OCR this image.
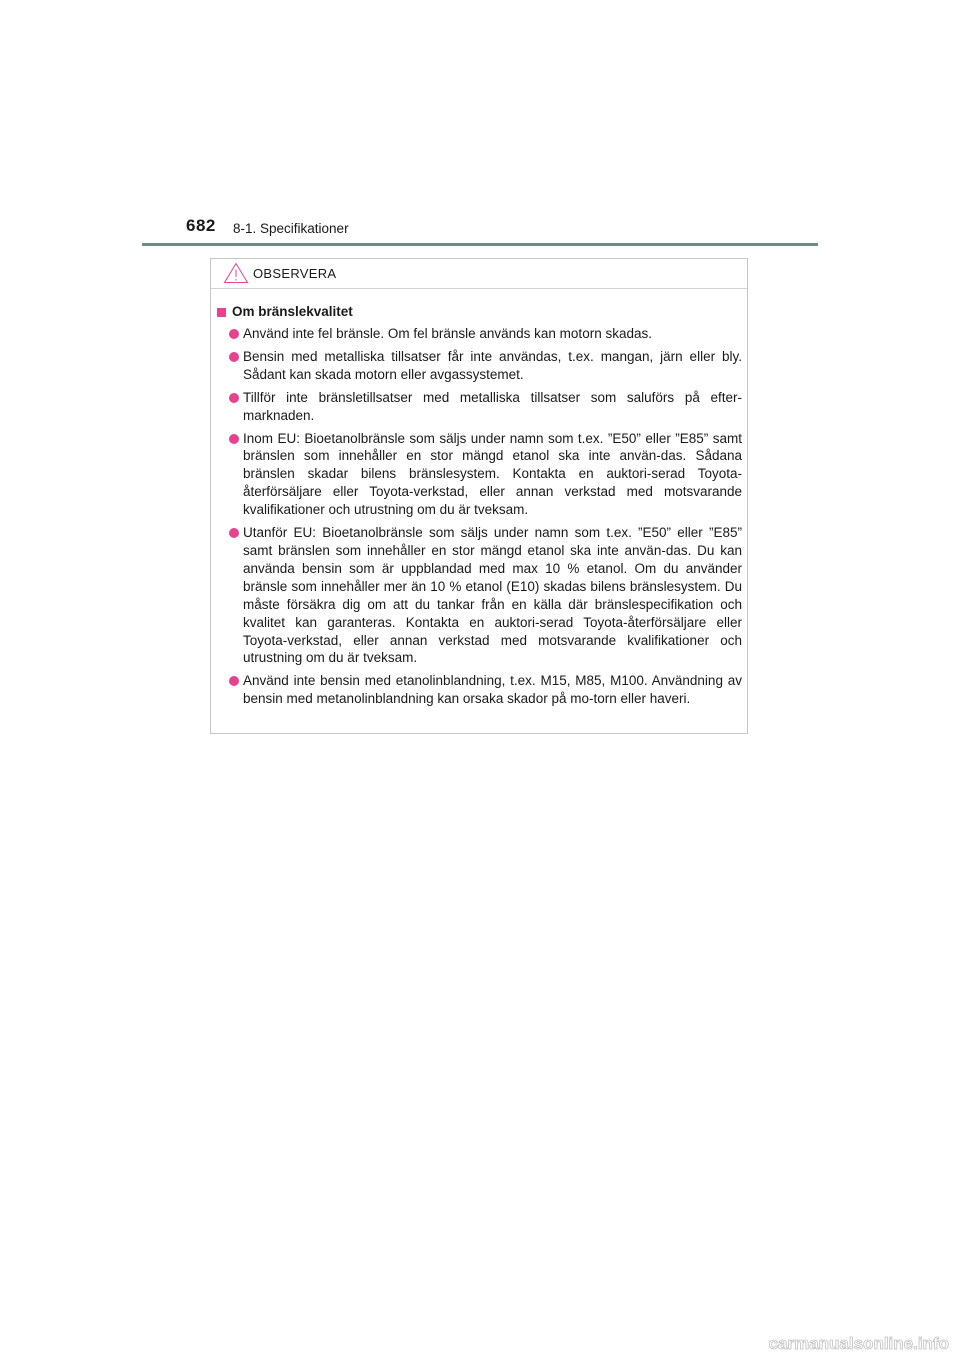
682 8-1. Specifikationer
OBSERVERA
Om bränslekvalitet
Använd inte fel bränsle. Om fel bränsle används kan motorn skadas.
Bensin med metalliska tillsatser får inte användas, t.ex. mangan, järn eller bly. Sådant kan skada motorn eller avgassystemet.
Tillför inte bränsletillsatser med metalliska tillsatser som saluförs på efter-marknaden.
Inom EU: Bioetanolbränsle som säljs under namn som t.ex. ”E50” eller ”E85” samt bränslen som innehåller en stor mängd etanol ska inte använ-das. Sådana bränslen skadar bilens bränslesystem. Kontakta en auktori-serad Toyota-återförsäljare eller Toyota-verkstad, eller annan verkstad med motsvarande kvalifikationer och utrustning om du är tveksam.
Utanför EU: Bioetanolbränsle som säljs under namn som t.ex. ”E50” eller ”E85” samt bränslen som innehåller en stor mängd etanol ska inte använ-das. Du kan använda bensin som är uppblandad med max 10 % etanol. Om du använder bränsle som innehåller mer än 10 % etanol (E10) skadas bilens bränslesystem. Du måste försäkra dig om att du tankar från en källa där bränslespecifikation och kvalitet kan garanteras. Kontakta en auktori-serad Toyota-återförsäljare eller Toyota-verkstad, eller annan verkstad med motsvarande kvalifikationer och utrustning om du är tveksam.
Använd inte bensin med etanolinblandning, t.ex. M15, M85, M100. Användning av bensin med metanolinblandning kan orsaka skador på mo-torn eller haveri.
carmanualsonline.info
